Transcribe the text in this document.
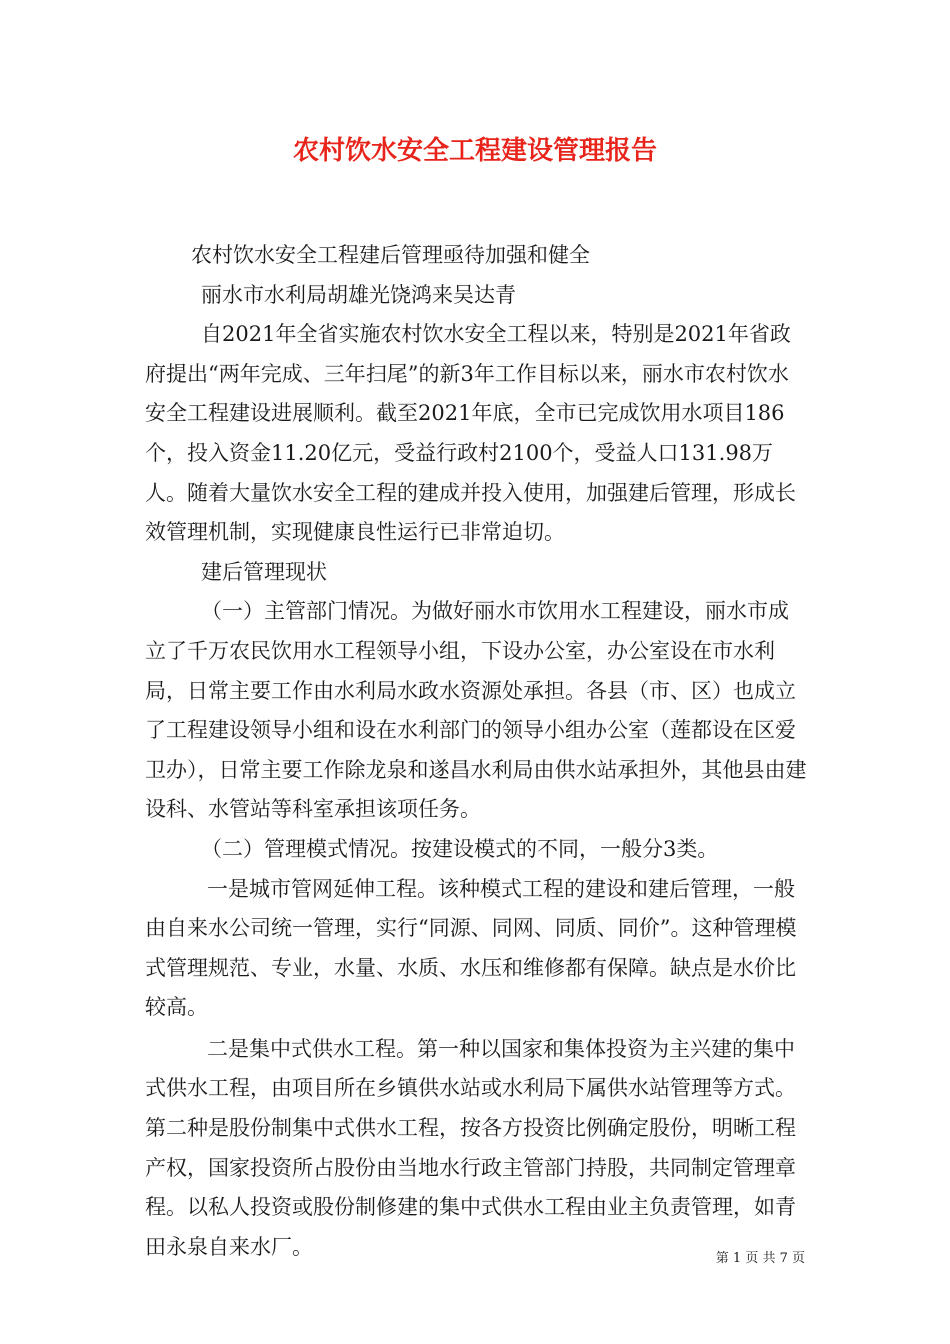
农村饮水安全工程建设管理报告

农村饮水安全工程建后管理亟待加强和健全

丽水市水利局胡雄光饶鸿来吴达青

自2021年全省实施农村饮水安全工程以来，特别是2021年省政府提出“两年完成、三年扫尾”的新3年工作目标以来，丽水市农村饮水安全工程建设进展顺利。截至2021年底，全市已完成饮用水项目186个，投入资金11.20亿元，受益行政村2100个，受益人口131.98万人。随着大量饮水安全工程的建成并投入使用，加强建后管理，形成长效管理机制，实现健康良性运行已非常迫切。

建后管理现状

（一）主管部门情况。为做好丽水市饮用水工程建设，丽水市成立了千万农民饮用水工程领导小组，下设办公室，办公室设在市水利局，日常主要工作由水利局水政水资源处承担。各县（市、区）也成立了工程建设领导小组和设在水利部门的领导小组办公室（莲都设在区爱卫办），日常主要工作除龙泉和遂昌水利局由供水站承担外，其他县由建设科、水管站等科室承担该项任务。

（二）管理模式情况。按建设模式的不同，一般分3类。

一是城市管网延伸工程。该种模式工程的建设和建后管理，一般由自来水公司统一管理，实行“同源、同网、同质、同价”。这种管理模式管理规范、专业，水量、水质、水压和维修都有保障。缺点是水价比较高。

二是集中式供水工程。第一种以国家和集体投资为主兴建的集中式供水工程，由项目所在乡镇供水站或水利局下属供水站管理等方式。第二种是股份制集中式供水工程，按各方投资比例确定股份，明晰工程产权，国家投资所占股份由当地水行政主管部门持股，共同制定管理章程。以私人投资或股份制修建的集中式供水工程由业主负责管理，如青田永泉自来水厂。	第 1 页 共 7 页
